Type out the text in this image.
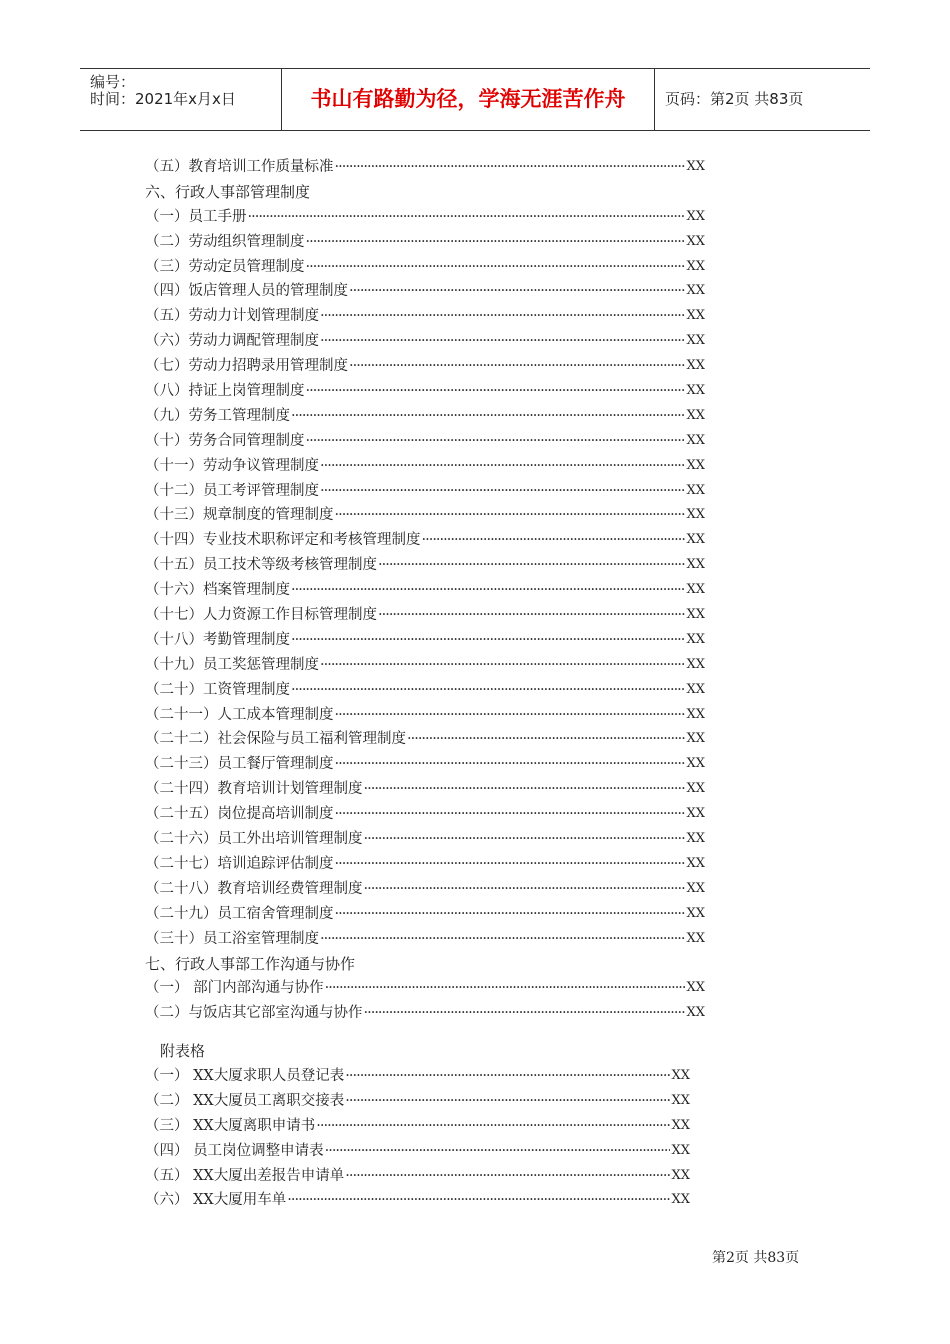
编号：
时间：2021年x月x日	书山有路勤为径，学海无涯苦作舟	页码：第2页 共83页
（五）教育培训工作质量标准 ·····	XX
六、行政人事部管理制度
（一）员工手册 ·····	XX
（二）劳动组织管理制度 ·····	XX
（三）劳动定员管理制度 ·····	XX
（四）饭店管理人员的管理制度 ·····	XX
（五）劳动力计划管理制度 ·····	XX
（六）劳动力调配管理制度 ·····	XX
（七）劳动力招聘录用管理制度 ·····	XX
（八）持证上岗管理制度 ·····	XX
（九）劳务工管理制度 ·····	XX
（十）劳务合同管理制度 ·····	XX
（十一）劳动争议管理制度 ·····	XX
（十二）员工考评管理制度 ·····	XX
（十三）规章制度的管理制度 ·····	XX
（十四）专业技术职称评定和考核管理制度 ·····	XX
（十五）员工技术等级考核管理制度 ·····	XX
（十六）档案管理制度 ·····	XX
（十七）人力资源工作目标管理制度 ·····	XX
（十八）考勤管理制度 ·····	XX
（十九）员工奖惩管理制度 ·····	XX
（二十）工资管理制度 ·····	XX
（二十一）人工成本管理制度 ·····	XX
（二十二）社会保险与员工福利管理制度 ·····	XX
（二十三）员工餐厅管理制度 ·····	XX
（二十四）教育培训计划管理制度 ·····	XX
（二十五）岗位提高培训制度 ·····	XX
（二十六）员工外出培训管理制度 ·····	XX
（二十七）培训追踪评估制度 ·····	XX
（二十八）教育培训经费管理制度 ·····	XX
（二十九）员工宿舍管理制度 ·····	XX
（三十）员工浴室管理制度 ·····	XX
七、行政人事部工作沟通与协作
（一） 部门内部沟通与协作 ·····	XX
（二）与饭店其它部室沟通与协作 ·····	XX
附表格
（一） XX大厦求职人员登记表 ·····	XX
（二） XX大厦员工离职交接表 ·····	XX
（三） XX大厦离职申请书 ·····	XX
（四） 员工岗位调整申请表 ·····	XX
（五） XX大厦出差报告申请单 ·····	XX
（六） XX大厦用车单 ·····	XX
第2页 共83页
